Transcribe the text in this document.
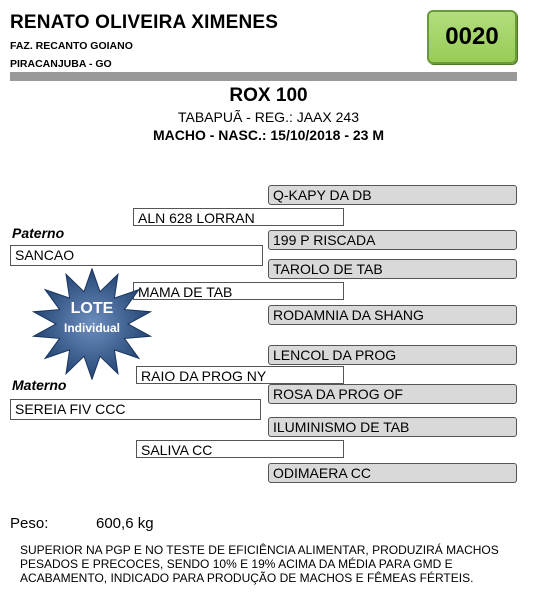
RENATO OLIVEIRA XIMENES
FAZ. RECANTO GOIANO
PIRACANJUBA - GO
0020
ROX 100
TABAPUÃ - REG.: JAAX 243
MACHO - NASC.: 15/10/2018 - 23 M
Paterno
Materno
SANCAO
SEREIA FIV CCC
ALN 628 LORRAN
MAMA DE TAB
RAIO DA PROG NY
SALIVA CC
Q-KAPY DA DB
199 P RISCADA
TAROLO DE TAB
RODAMNIA DA SHANG
LENCOL DA PROG
ROSA DA PROG OF
ILUMINISMO DE TAB
ODIMAERA CC
LOTE
Individual
Peso:	600,6 kg
SUPERIOR NA PGP E NO TESTE DE EFICIÊNCIA ALIMENTAR, PRODUZIRÁ MACHOS PESADOS E PRECOCES, SENDO 10% E 19% ACIMA DA MÉDIA PARA GMD E ACABAMENTO, INDICADO PARA PRODUÇÃO DE MACHOS E FÊMEAS FÉRTEIS.
